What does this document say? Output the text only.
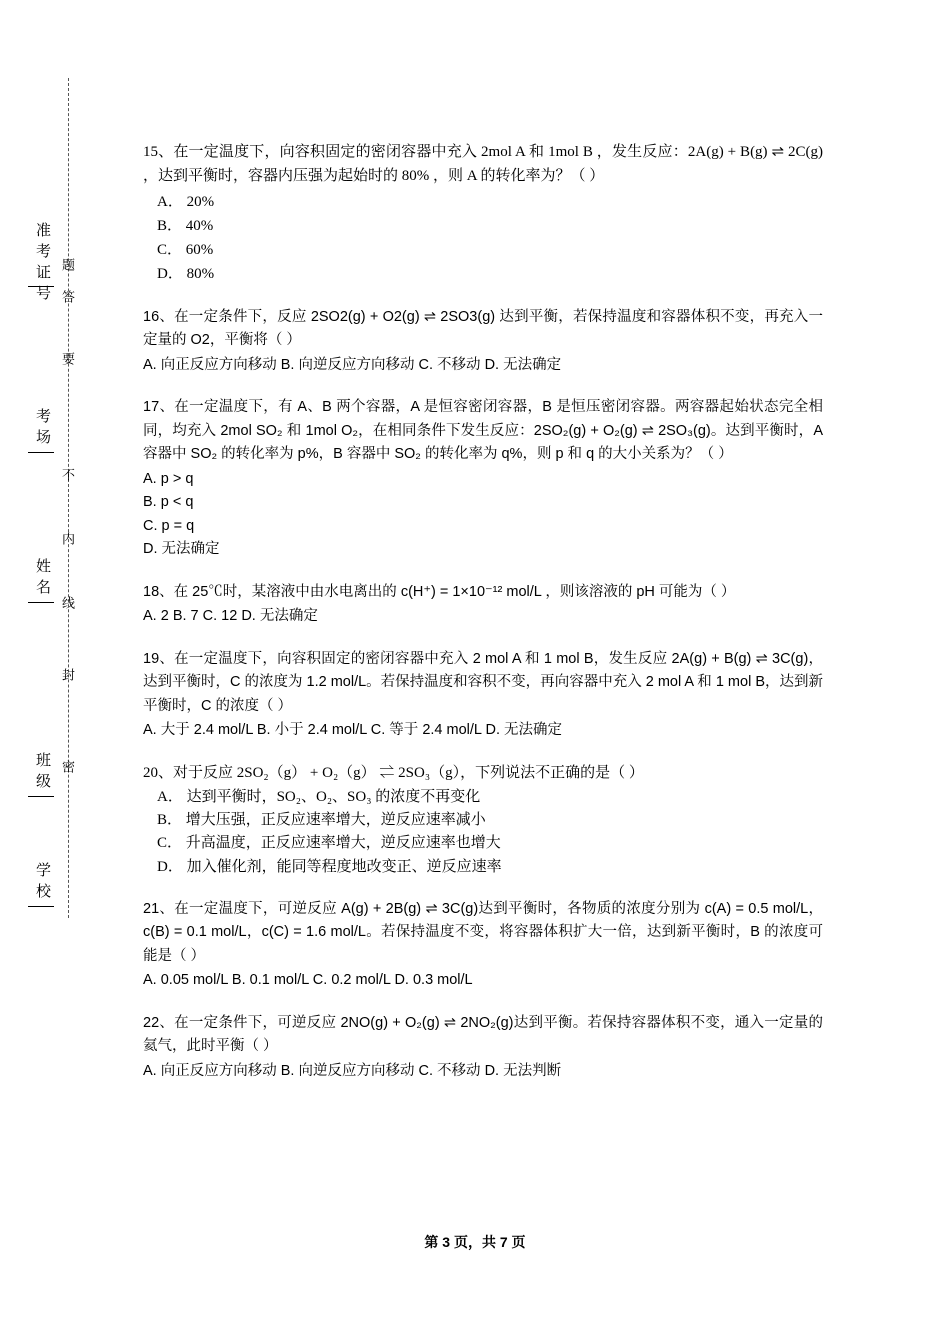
准考证号
考场
姓名
班级
学校
题
答
要
不
内
线
封
密

15、在一定温度下，向容积固定的密闭容器中充入 2mol A 和 1mol B ，发生反应：2A(g) + B(g) ⇌ 2C(g) ，达到平衡时，容器内压强为起始时的 80% ，则 A 的转化率为？（ ）

A． 20%

B． 40%

C． 60%

D． 80%

16、在一定条件下，反应 2SO2(g) + O2(g) ⇌ 2SO3(g) 达到平衡，若保持温度和容器体积不变，再充入一定量的 O2，平衡将（ ）

A. 向正反应方向移动 B. 向逆反应方向移动 C. 不移动 D. 无法确定

17、在一定温度下，有 A、B 两个容器，A 是恒容密闭容器，B 是恒压密闭容器。两容器起始状态完全相同，均充入 2mol SO₂ 和 1mol O₂，在相同条件下发生反应：2SO₂(g) + O₂(g) ⇌ 2SO₃(g)。达到平衡时，A 容器中 SO₂ 的转化率为 p%，B 容器中 SO₂ 的转化率为 q%，则 p 和 q 的大小关系为？（ ）

A. p > q

B. p < q

C. p = q

D. 无法确定

18、在 25℃时，某溶液中由水电离出的 c(H⁺) = 1×10⁻¹² mol/L ，则该溶液的 pH 可能为（ ）

A. 2 B. 7 C. 12 D. 无法确定

19、在一定温度下，向容积固定的密闭容器中充入 2 mol A 和 1 mol B，发生反应 2A(g) + B(g) ⇌ 3C(g)，达到平衡时，C 的浓度为 1.2 mol/L。若保持温度和容积不变，再向容器中充入 2 mol A 和 1 mol B，达到新平衡时，C 的浓度（ ）

A. 大于 2.4 mol/L B. 小于 2.4 mol/L C. 等于 2.4 mol/L D. 无法确定

20、对于反应 2SO₂（g） + O₂（g） ⇌ 2SO₃（g），下列说法不正确的是（ ）

A． 达到平衡时，SO₂、O₂、SO₃ 的浓度不再变化

B． 增大压强，正反应速率增大，逆反应速率减小

C． 升高温度，正反应速率增大，逆反应速率也增大

D． 加入催化剂，能同等程度地改变正、逆反应速率

21、在一定温度下，可逆反应 A(g) + 2B(g) ⇌ 3C(g)达到平衡时，各物质的浓度分别为 c(A) = 0.5 mol/L，c(B) = 0.1 mol/L，c(C) = 1.6 mol/L。若保持温度不变，将容器体积扩大一倍，达到新平衡时，B 的浓度可能是（ ）

A. 0.05 mol/L B. 0.1 mol/L C. 0.2 mol/L D. 0.3 mol/L

22、在一定条件下，可逆反应 2NO(g) + O₂(g) ⇌ 2NO₂(g)达到平衡。若保持容器体积不变，通入一定量的氦气，此时平衡（ ）

A. 向正反应方向移动 B. 向逆反应方向移动 C. 不移动 D. 无法判断

第 3 页，共 7 页
